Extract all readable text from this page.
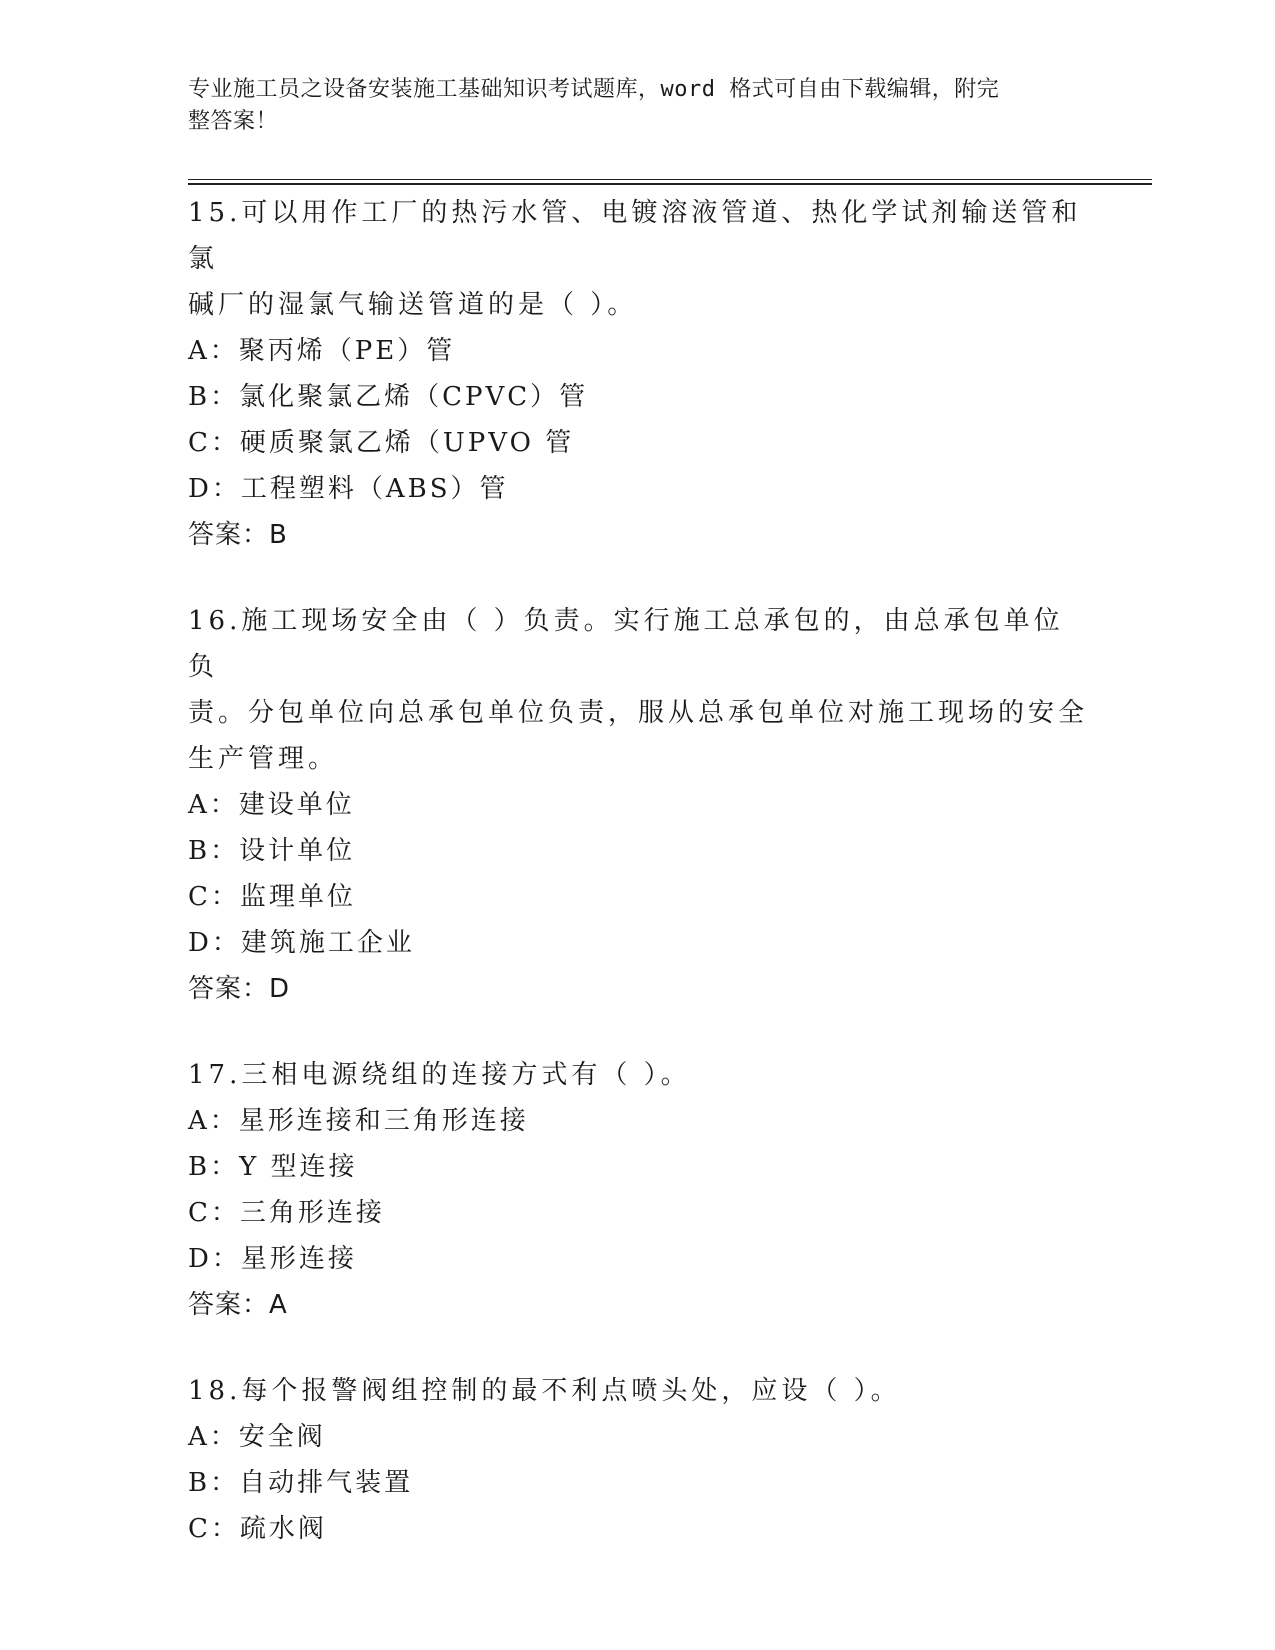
专业施工员之设备安装施工基础知识考试题库，word 格式可自由下载编辑，附完
整答案！

15.可以用作工厂的热污水管、电镀溶液管道、热化学试剂输送管和氯

碱厂的湿氯气输送管道的是（ ）。

A：聚丙烯（PE）管

B：氯化聚氯乙烯（CPVC）管

C：硬质聚氯乙烯（UPVO 管

D：工程塑料（ABS）管

答案：B

16.施工现场安全由（ ）负责。实行施工总承包的，由总承包单位负

责。分包单位向总承包单位负责，服从总承包单位对施工现场的安全

生产管理。

A：建设单位

B：设计单位

C：监理单位

D：建筑施工企业

答案：D

17.三相电源绕组的连接方式有（ ）。

A：星形连接和三角形连接

B：Y 型连接

C：三角形连接

D：星形连接

答案：A

18.每个报警阀组控制的最不利点喷头处，应设（ ）。

A：安全阀

B：自动排气装置

C：疏水阀
